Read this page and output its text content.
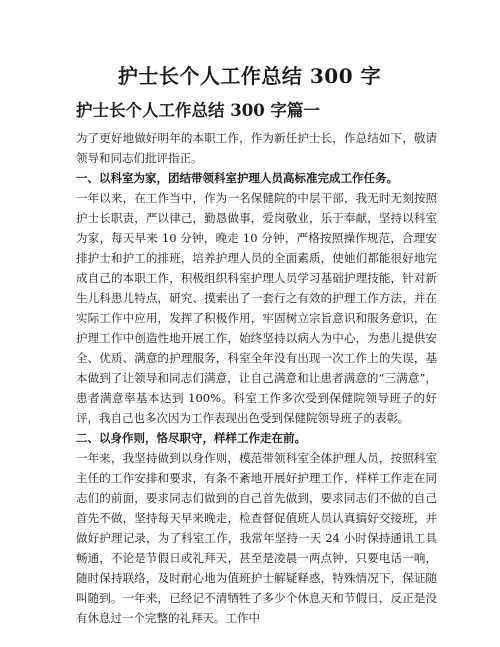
护士长个人工作总结 300 字
护士长个人工作总结 300 字篇一

为了更好地做好明年的本职工作，作为新任护士长，作总结如下，敬请领导和同志们批评指正。

一、以科室为家，团结带领科室护理人员高标准完成工作任务。

一年以来，在工作当中，作为一名保健院的中层干部，我无时无刻按照护士长职责，严以律己，勤恳做事，爱岗敬业，乐于奉献，坚持以科室为家，每天早来 10 分钟，晚走 10 分钟，严格按照操作规范，合理安排护士和护工的排班，培养护理人员的全面素质，使她们都能很好地完成自己的本职工作，积极组织科室护理人员学习基础护理技能，针对新生儿科患儿特点，研究、摸索出了一套行之有效的护理工作方法，并在实际工作中应用，发挥了积极作用，牢固树立宗旨意识和服务意识，在护理工作中创造性地开展工作，始终坚持以病人为中心，为患儿提供安全、优质、满意的护理服务，科室全年没有出现一次工作上的失误，基本做到了让领导和同志们满意，让自己满意和让患者满意的“三满意”，患者满意率基本达到 100%。科室工作多次受到保健院领导班子的好评，我自己也多次因为工作表现出色受到保健院领导班子的表彰。

二、以身作则，恪尽职守，样样工作走在前。

一年来，我坚持做到以身作则，模范带领科室全体护理人员，按照科室主任的工作安排和要求，有条不紊地开展好护理工作，样样工作走在同志们的前面，要求同志们做到的自己首先做到，要求同志们不做的自己首先不做，坚持每天早来晚走，检查督促值班人员认真搞好交接班，并做好护理记录，为了科室工作，我常年坚持一天 24 小时保持通讯工具畅通，不论是节假日或礼拜天，甚至是凌晨一两点钟，只要电话一响，随时保持联络，及时耐心地为值班护士解疑释惑，特殊情况下，保证随叫随到。一年来，已经记不清牺牲了多少个休息天和节假日，反正是没有休息过一个完整的礼拜天。工作中
